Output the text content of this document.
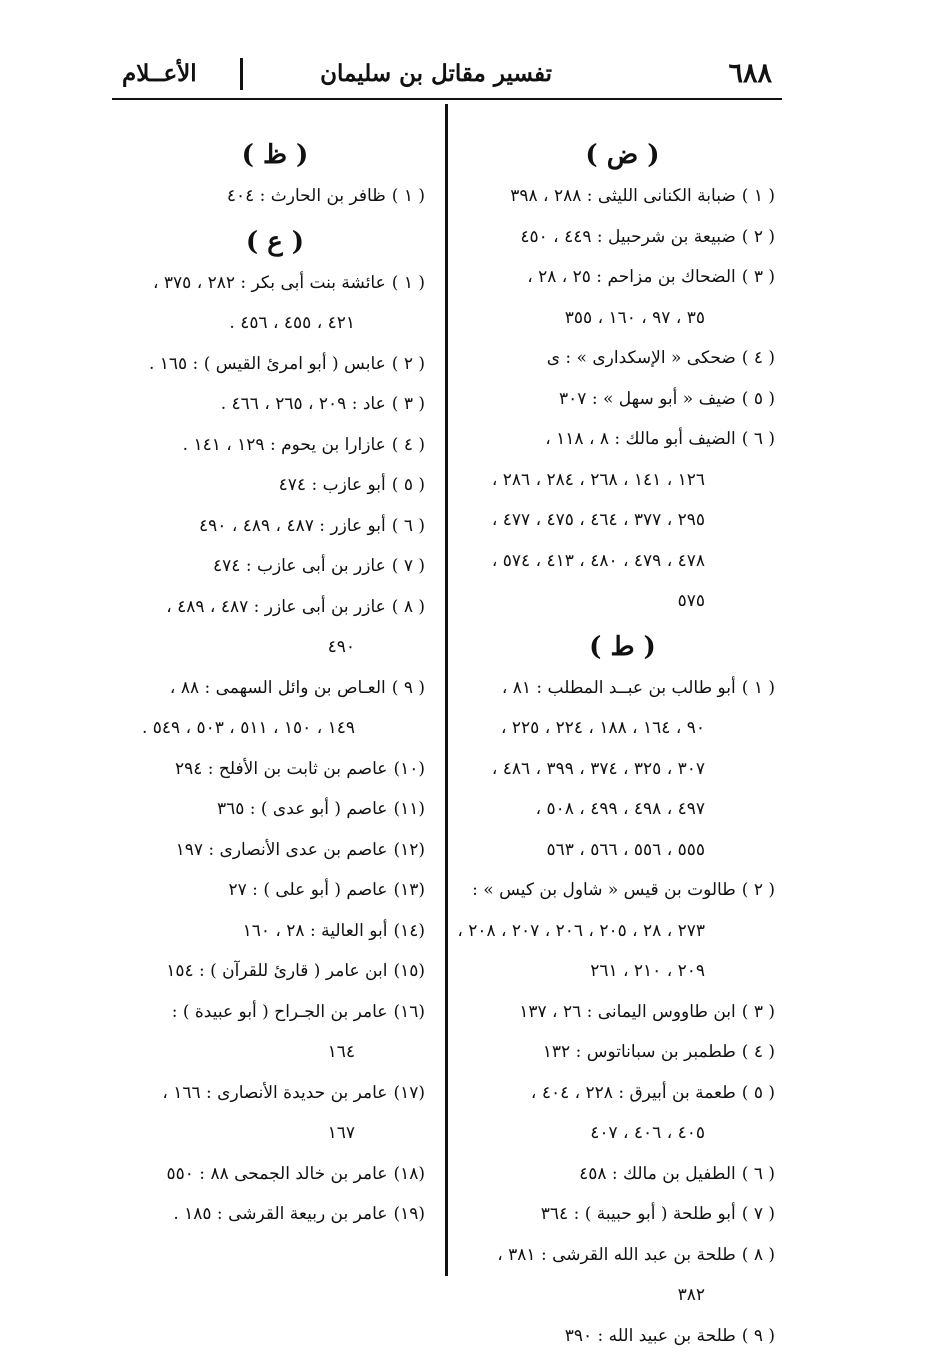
٦٨٨
تفسير مقاتل بن سليمان
الأعــلام
( ض )
( ١ )ضبابة الكنانى الليثى : ٢٨٨ ، ٣٩٨
( ٢ )ضبيعة بن شرحبيل : ٤٤٩ ، ٤٥٠
( ٣ )الضحاك بن مزاحم : ٢٥ ، ٢٨ ،
٣٥ ، ٩٧ ، ١٦٠ ، ٣٥٥
( ٤ )ضحكى « الإسكدارى » : ى
( ٥ )ضيف « أبو سهل » : ٣٠٧
( ٦ )الضيف أبو مالك : ٨ ، ١١٨ ،
١٢٦ ، ١٤١ ، ٢٦٨ ، ٢٨٤ ، ٢٨٦ ،
٢٩٥ ، ٣٧٧ ، ٤٦٤ ، ٤٧٥ ، ٤٧٧ ،
٤٧٨ ، ٤٧٩ ، ٤٨٠ ، ٤١٣ ، ٥٧٤ ،
٥٧٥
( ط )
( ١ )أبو طالب بن عبــد المطلب : ٨١ ،
٩٠ ، ١٦٤ ، ١٨٨ ، ٢٢٤ ، ٢٢٥ ،
٣٠٧ ، ٣٢٥ ، ٣٧٤ ، ٣٩٩ ، ٤٨٦ ،
٤٩٧ ، ٤٩٨ ، ٤٩٩ ، ٥٠٨ ،
٥٥٥ ، ٥٥٦ ، ٥٦٦ ، ٥٦٣
( ٢ )طالوت بن قيس « شاول بن كيس » :
٢٧٣ ، ٢٨ ، ٢٠٥ ، ٢٠٦ ، ٢٠٧ ، ٢٠٨ ،
٢٠٩ ، ٢١٠ ، ٢٦١
( ٣ )ابن طاووس اليمانى : ٢٦ ، ١٣٧
( ٤ )ططمبر بن سباناتوس : ١٣٢
( ٥ )طعمة بن أبيرق : ٢٢٨ ، ٤٠٤ ،
٤٠٥ ، ٤٠٦ ، ٤٠٧
( ٦ )الطفيل بن مالك : ٤٥٨
( ٧ )أبو طلحة ( أبو حبيبة ) : ٣٦٤
( ٨ )طلحة بن عبد الله القرشى : ٣٨١ ،
٣٨٢
( ٩ )طلحة بن عبيد الله : ٣٩٠
( ظ )
( ١ )ظافر بن الحارث : ٤٠٤
( ع )
( ١ )عائشة بنت أبى بكر : ٢٨٢ ، ٣٧٥ ،
٤٢١ ، ٤٥٥ ، ٤٥٦ .
( ٢ )عابس ( أبو امرئ القيس ) : ١٦٥ .
( ٣ )عاد : ٢٠٩ ، ٢٦٥ ، ٤٦٦ .
( ٤ )عازارا بن يحوم : ١٢٩ ، ١٤١ .
( ٥ )أبو عازب : ٤٧٤
( ٦ )أبو عازر : ٤٨٧ ، ٤٨٩ ، ٤٩٠
( ٧ )عازر بن أبى عازب : ٤٧٤
( ٨ )عازر بن أبى عازر : ٤٨٧ ، ٤٨٩ ،
٤٩٠
( ٩ )العـاص بن وائل السهمى : ٨٨ ،
١٤٩ ، ١٥٠ ، ٥١١ ، ٥٠٣ ، ٥٤٩ .
(١٠)عاصم بن ثابت بن الأفلح : ٢٩٤
(١١)عاصم ( أبو عدى ) : ٣٦٥
(١٢)عاصم بن عدى الأنصارى : ١٩٧
(١٣)عاصم ( أبو على ) : ٢٧
(١٤)أبو العالية : ٢٨ ، ١٦٠
(١٥)ابن عامر ( قارئ للقرآن ) : ١٥٤
(١٦)عامر بن الجـراح ( أبو عبيدة ) :
١٦٤
(١٧)عامر بن حديدة الأنصارى : ١٦٦ ،
١٦٧
(١٨)عامر بن خالد الجمحى ٨٨ : ٥٥٠
(١٩)عامر بن ربيعة القرشى : ١٨٥ .
